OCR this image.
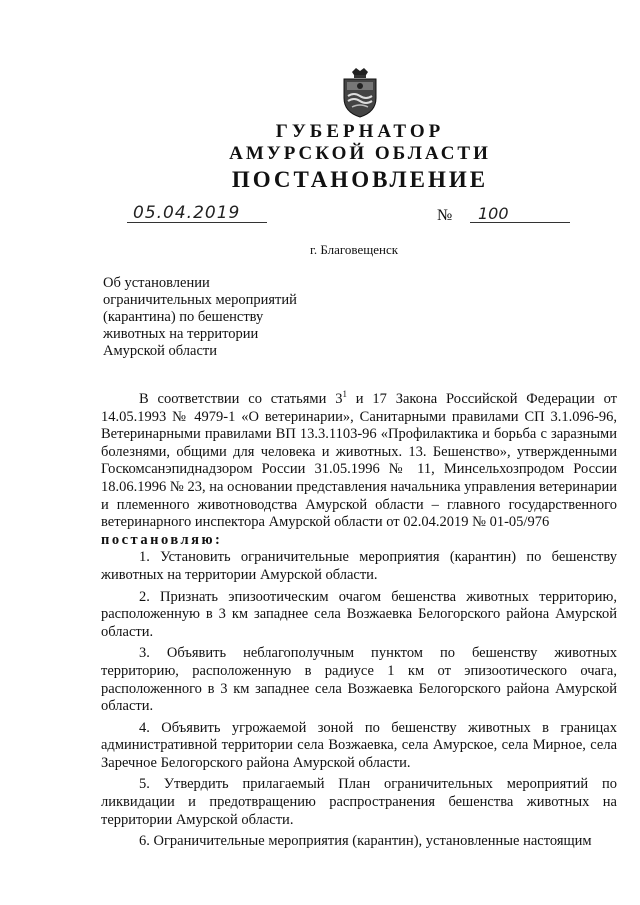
ГУБЕРНАТОР
АМУРСКОЙ ОБЛАСТИ
ПОСТАНОВЛЕНИЕ
05.04.2019	№ 100
г. Благовещенск
Об установлении
ограничительных мероприятий
(карантина) по бешенству
животных на территории
Амурской области

В соответствии со статьями $3^1$ и 17 Закона Российской Федерации от 14.05.1993 № 4979-1 «О ветеринарии», Санитарными правилами СП 3.1.096-96, Ветеринарными правилами ВП 13.3.1103-96 «Профилактика и борьба с заразными болезнями, общими для человека и животных. 13. Бешенство», утвержденными Госкомсанэпиднадзором России 31.05.1996 № 11, Минсельхозпродом России 18.06.1996 № 23, на основании представления начальника управления ветеринарии и племенного животноводства Амурской области – главного государственного ветеринарного инспектора Амурской области от 02.04.2019 № 01-05/976

постановляю:

1. Установить ограничительные мероприятия (карантин) по бешенству животных на территории Амурской области.

2. Признать эпизоотическим очагом бешенства животных территорию, расположенную в 3 км западнее села Возжаевка Белогорского района Амурской области.

3. Объявить неблагополучным пунктом по бешенству животных территорию, расположенную в радиусе 1 км от эпизоотического очага, расположенного в 3 км западнее села Возжаевка Белогорского района Амурской области.

4. Объявить угрожаемой зоной по бешенству животных в границах административной территории села Возжаевка, села Амурское, села Мирное, села Заречное Белогорского района Амурской области.

5. Утвердить прилагаемый План ограничительных мероприятий по ликвидации и предотвращению распространения бешенства животных на территории Амурской области.

6. Ограничительные мероприятия (карантин), установленные настоящим
